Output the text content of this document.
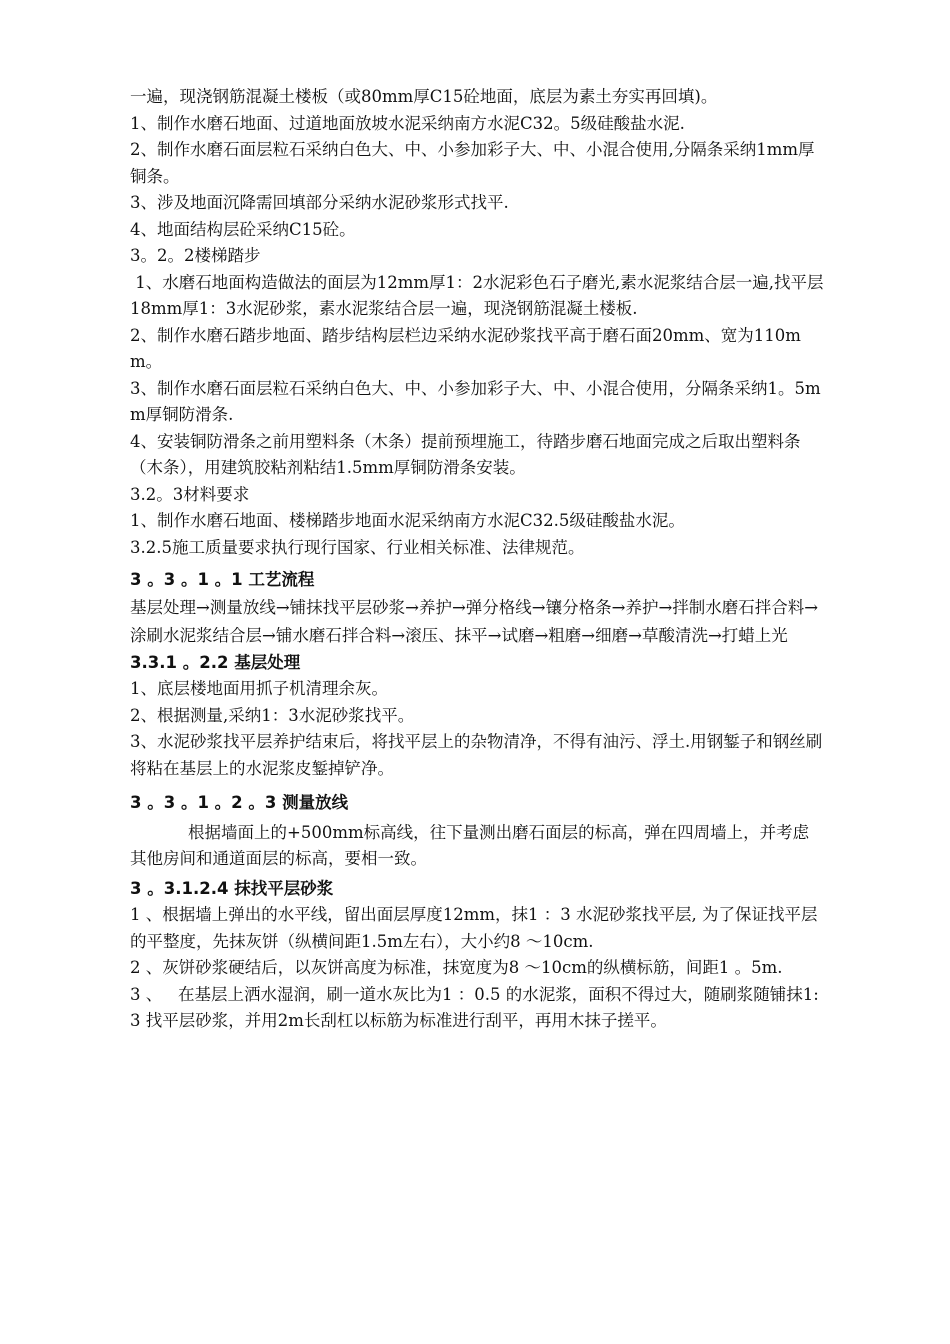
一遍，现浇钢筋混凝土楼板（或80mm厚C15砼地面，底层为素土夯实再回填)。

1、制作水磨石地面、过道地面放坡水泥采纳南方水泥C32。5级硅酸盐水泥.

2、制作水磨石面层粒石采纳白色大、中、小参加彩子大、中、小混合使用,分隔条采纳1mm厚铜条。

3、涉及地面沉降需回填部分采纳水泥砂浆形式找平.

4、地面结构层砼采纳C15砼。

3。2。2楼梯踏步

1、水磨石地面构造做法的面层为12mm厚1：2水泥彩色石子磨光,素水泥浆结合层一遍,找平层18mm厚1：3水泥砂浆，素水泥浆结合层一遍，现浇钢筋混凝土楼板.

2、制作水磨石踏步地面、踏步结构层栏边采纳水泥砂浆找平高于磨石面20mm、宽为110mm。

3、制作水磨石面层粒石采纳白色大、中、小参加彩子大、中、小混合使用，分隔条采纳1。5mm厚铜防滑条.

4、安装铜防滑条之前用塑料条（木条）提前预埋施工，待踏步磨石地面完成之后取出塑料条（木条），用建筑胶粘剂粘结1.5mm厚铜防滑条安装。

3.2。3材料要求

1、制作水磨石地面、楼梯踏步地面水泥采纳南方水泥C32.5级硅酸盐水泥。

3.2.5施工质量要求执行现行国家、行业相关标准、法律规范。

3 。3 。1 。1 工艺流程

基层处理→测量放线→铺抹找平层砂浆→养护→弹分格线→镶分格条→养护→拌制水磨石拌合料→涂刷水泥浆结合层→铺水磨石拌合料→滚压、抹平→试磨→粗磨→细磨→草酸清洗→打蜡上光

3.3.1 。2.2 基层处理

1、底层楼地面用抓子机清理余灰。

2、根据测量,采纳1：3水泥砂浆找平。

3、水泥砂浆找平层养护结束后，将找平层上的杂物清净，不得有油污、浮土.用钢錾子和钢丝刷将粘在基层上的水泥浆皮錾掉铲净。

3 。3 。1 。2 。3 测量放线

根据墙面上的+500mm标高线，往下量测出磨石面层的标高，弹在四周墙上，并考虑其他房间和通道面层的标高，要相一致。

3 。3.1.2.4 抹找平层砂浆

1 、根据墙上弹出的水平线，留出面层厚度12mm，抹1 ：3 水泥砂浆找平层, 为了保证找平层的平整度，先抹灰饼（纵横间距1.5m左右），大小约8 ～10cm.

2 、灰饼砂浆硬结后，以灰饼高度为标准，抹宽度为8 ～10cm的纵横标筋，间距1 。5m.

3 、   在基层上洒水湿润，刷一道水灰比为1 ：0.5 的水泥浆，面积不得过大，随刷浆随铺抹1:3 找平层砂浆，并用2m长刮杠以标筋为标准进行刮平，再用木抹子搓平。
